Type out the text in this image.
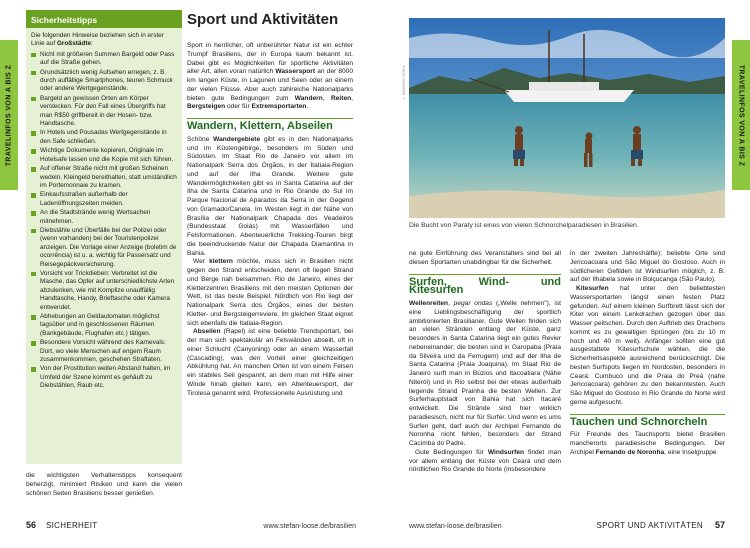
TRAVELINFOS VON A BIS Z	TRAVELINFOS VON A BIS Z
Sicherheitstipps

Die folgenden Hinweise beziehen sich in erster Linie auf Großstädte:

Nicht mit größeren Summen Bargeld oder Pass auf die Straße gehen.
Grundsätzlich wenig Aufsehen erregen, z. B. durch auffällige Smartphones, teuren Schmuck oder andere Wertgegenstände.
Bargeld an gewissen Orten am Körper verstecken. Für den Fall eines Übergriffs hat man R$50 griffbereit in der Hosen- bzw. Handtasche.
In Hotels und Pousadas Wertgegenstände in den Safe schließen.
Wichtige Dokumente kopieren, Originale im Hotelsafe lassen und die Kopie mit sich führen.
Auf offener Straße nicht mit großen Scheinen wedeln. Kleingeld bereithalten, statt umständlich im Portemonnaie zu kramen.
Einkaufsstraßen außerhalb der Ladenöffnungszeiten meiden.
An die Stadtstrände wenig Wertsachen mitnehmen.
Diebstähle und Überfälle bei der Polizei oder (wenn vorhanden) bei der Touristenpolizei anzeigen. Die Vorlage einer Anzeige (boletim de ocorrência) ist u. a. wichtig für Passersatz und Reisegepäckversicherung.
Vorsicht vor Trickdieben: Verbreitet ist die Masche, das Opfer auf unterschiedlichste Arten abzulenken, wie mit Komplize unauffällig Handtasche, Handy, Brieftasche oder Kamera entwendet.
Abhebungen an Geldautomaten möglichst tagsüber und in geschlossenen Räumen (Bankgebäude, Flughafen etc.) tätigen.
Besondere Vorsicht während des Karnevals: Dort, wo viele Menschen auf engem Raum zusammenkommen, geschehen Straftaten.
Von der Prostitution weiten Abstand halten, im Umfeld der Szene kommt es gehäuft zu Diebstählen, Raub etc.

die wichtigsten Verhaltenstipps konsequent beherzigt, minimiert Risiken und kann die vielen schönen Seiten Brasiliens besser genießen.

Sport und Aktivitäten

Sport in herrlicher, oft unberührter Natur ist ein echter Trumpf Brasiliens, der in Europa kaum bekannt ist. Dabei gibt es Möglichkeiten für sportliche Aktivitäten aller Art, allen voran natürlich Wassersport an der 8000 km langen Küste, in Lagunen und Seen oder an einem der vielen Flüsse. Aber auch zahlreiche Nationalparks bieten gute Bedingungen zum Wandern, Reiten, Bergsteigen oder für Extremsportarten.

Wandern, Klettern, Abseilen

Schöne Wandergebiete gibt es in den Nationalparks und im Küstengebirge, besonders im Süden und Südosten. Im Staat Rio de Janeiro vor allem im Nationalpark Serra dos Órgãos, in der Itatiaia-Region und auf der Ilha Grande. Weitere gute Wandermöglichkeiten gibt es in Santa Catarina auf der Ilha de Santa Catarina und in Rio Grande do Sul im Parque Nacional de Aparados da Serra in der Gegend von Gramado/Canela. Im Westen liegt in der Nähe von Brasília der Nationalpark Chapada dos Veadeiros (Bundesstaat Goiás) mit Wasserfällen und Felsformationen. Abenteuerliche Trekking-Touren birgt die beeindruckende Natur der Chapada Diamantina in Bahia.

Wer klettern möchte, muss sich in Brasilien nicht gegen den Strand entscheiden, denn oft liegen Strand und Berge nah beisammen. Rio de Janeiro, eines der Kletterzentren Brasiliens mit den meisten Optionen der Welt, ist das beste Beispiel. Nördlich von Rio liegt der Nationalpark Serra dos Órgãos, eines der besten Kletter- und Bergsteigerreviere. Im gleichen Staat eignet sich ebenfalls die Itatiaia-Region.

Abseilen (Rapel) ist eine beliebte Trendsportart, bei der man sich spektakulär an Felswänden abseilt, oft in einer Schlucht (Canyoning) oder an einem Wasserfall (Cascading), was den Vorteil einer gleichzeitigen Abkühlung hat. An manchen Orten ist von einem Felsen ein stabiles Seil gespannt, an dem man mit Hilfe einer Winde hinab gleiten kann, ein Abenteuersport, der Tirolesa genannt wird. Professionelle Ausrüstung und

© WERNER STAHL
Die Bucht von Paraty ist eines von vielen Schnorchelparadiesen in Brasilien.

ne gute Einführung des Veranstalters sind bei all diesen Sportarten unabdingbar für die Sicherheit.

Surfen, Wind- und Kitesurfen

Wellenreiten, pegar ondas („Welle nehmen"), ist eine Lieblingsbeschäftigung der sportlich ambitionierten Brasilianer. Gute Wellen finden sich an vielen Stränden entlang der Küste, ganz besonders in Santa Catarina liegt ein gutes Revier nebeneinander; die besten sind in Garopaba (Praia da Silveira und da Ferrugem) und auf der Ilha de Santa Catarina (Praia Joaquina). Im Staat Rio de Janeiro surft man in Búzios und Itacoatiara (Nähe Niterói) und in Rio selbst bei der etwas außerhalb liegende Strand Prainha die besten Wellen. Zur Surferhauptstadt von Bahia hat sich Itacaré entwickelt. Die Strände sind hier wirklich paradiesisch, nicht nur für Surfer. Und wenn es ums Surfen geht, darf auch der Archipel Fernando de Noronha nicht fehlen, besonders der Strand Cacimba do Padre.

Gute Bedingungen für Windsurfen findet man vor allem entlang der Küste von Ceará und dem nördlichen Rio Grande do Norte (insbesondere

in der zweiten Jahreshälfte); beliebte Orte sind Jericoacoara und São Miguel do Gostoso. Auch in südlicheren Gefilden ist Windsurfen möglich, z. B. auf der Ilhabela sowie in Boiçucanga (São Paulo).

Kitesurfen hat unter den beliebtesten Wassersportarten längst einen festen Platz gefunden. Auf einem kleinen Surfbrett lässt sich der Kiter von einem Lenkdrachen gezogen über das Wasser peitschen. Durch den Auftrieb des Drachens kommt es zu gewaltigen Sprüngen (bis zu 10 m hoch und 40 m weit). Anfänger sollten eine gut ausgestattete Kitesurfschule wählen, die die Sicherheitsaspekte ausreichend berücksichtigt. Die besten Surfspots liegen im Nordosten, besonders in Ceará: Cumbuco und die Praia do Preá (nahe Jericoacoara) gehören zu den bekanntesten. Auch São Miguel do Gostoso in Rio Grande do Norte wird gerne aufgesucht.

Tauchen und Schnorcheln

Für Freunde des Tauchsports bietet Brasilien mancherorts paradiesische Bedingungen. Der Archipel Fernando de Noronha, eine Inselgruppe

56 SICHERHEIT	www.stefan-loose.de/brasilien	www.stefan-loose.de/brasilien	SPORT UND AKTIVITÄTEN 57
